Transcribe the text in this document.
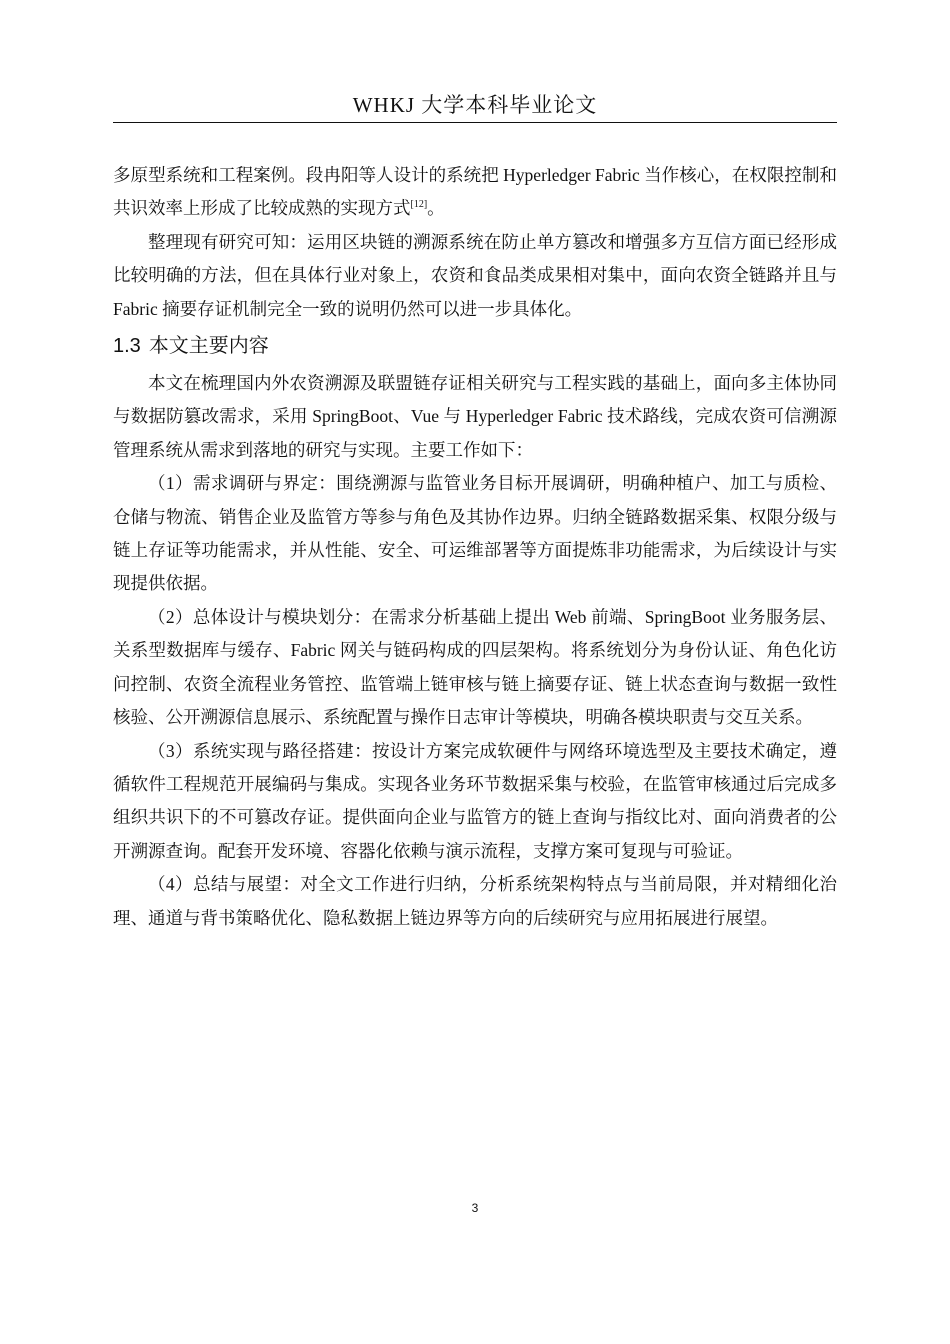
WHKJ 大学本科毕业论文

多原型系统和工程案例。段冉阳等人设计的系统把 Hyperledger Fabric 当作核心，在权限控制和共识效率上形成了比较成熟的实现方式[12]。

整理现有研究可知：运用区块链的溯源系统在防止单方篡改和增强多方互信方面已经形成比较明确的方法，但在具体行业对象上，农资和食品类成果相对集中，面向农资全链路并且与 Fabric 摘要存证机制完全一致的说明仍然可以进一步具体化。

1.3 本文主要内容

本文在梳理国内外农资溯源及联盟链存证相关研究与工程实践的基础上，面向多主体协同与数据防篡改需求，采用 SpringBoot、Vue 与 Hyperledger Fabric 技术路线，完成农资可信溯源管理系统从需求到落地的研究与实现。主要工作如下：

（1）需求调研与界定：围绕溯源与监管业务目标开展调研，明确种植户、加工与质检、仓储与物流、销售企业及监管方等参与角色及其协作边界。归纳全链路数据采集、权限分级与链上存证等功能需求，并从性能、安全、可运维部署等方面提炼非功能需求，为后续设计与实现提供依据。

（2）总体设计与模块划分：在需求分析基础上提出 Web 前端、SpringBoot 业务服务层、关系型数据库与缓存、Fabric 网关与链码构成的四层架构。将系统划分为身份认证、角色化访问控制、农资全流程业务管控、监管端上链审核与链上摘要存证、链上状态查询与数据一致性核验、公开溯源信息展示、系统配置与操作日志审计等模块，明确各模块职责与交互关系。

（3）系统实现与路径搭建：按设计方案完成软硬件与网络环境选型及主要技术确定，遵循软件工程规范开展编码与集成。实现各业务环节数据采集与校验，在监管审核通过后完成多组织共识下的不可篡改存证。提供面向企业与监管方的链上查询与指纹比对、面向消费者的公开溯源查询。配套开发环境、容器化依赖与演示流程，支撑方案可复现与可验证。

（4）总结与展望：对全文工作进行归纳，分析系统架构特点与当前局限，并对精细化治理、通道与背书策略优化、隐私数据上链边界等方向的后续研究与应用拓展进行展望。

3
